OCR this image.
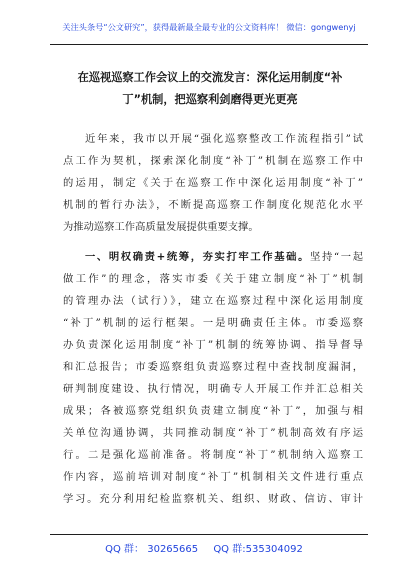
关注头条号“公文研究”，获得最新最全最专业的公文资料库！ 微信：gongwenyj
在巡视巡察工作会议上的交流发言：深化运用制度“补
丁”机制，把巡察利剑磨得更光更亮
近年来，我市以开展“强化巡察整改工作流程指引”试
点工作为契机，探索深化制度“补丁”机制在巡察工作中
的运用，制定《关于在巡察工作中深化运用制度“补丁”
机制的暂行办法》，不断提高巡察工作制度化规范化水平
为推动巡察工作高质量发展提供重要支撑。
一、明权确责+统筹，夯实打牢工作基础。坚持“一起
做工作”的理念，落实市委《关于建立制度“补丁”机制
的管理办法（试行）》，建立在巡察过程中深化运用制度
“补丁”机制的运行框架。一是明确责任主体。市委巡察
办负责深化运用制度“补丁”机制的统筹协调、指导督导
和汇总报告；市委巡察组负责巡察过程中查找制度漏洞，
研判制度建设、执行情况，明确专人开展工作并汇总相关
成果；各被巡察党组织负责建立制度“补丁”，加强与相
关单位沟通协调，共同推动制度“补丁”机制高效有序运
行。二是强化巡前准备。将制度“补丁”机制纳入巡察工
作内容，巡前培训对制度“补丁”机制相关文件进行重点
学习。充分利用纪检监察机关、组织、财政、信访、审计
QQ 群： 30265665 QQ 群:535304092
